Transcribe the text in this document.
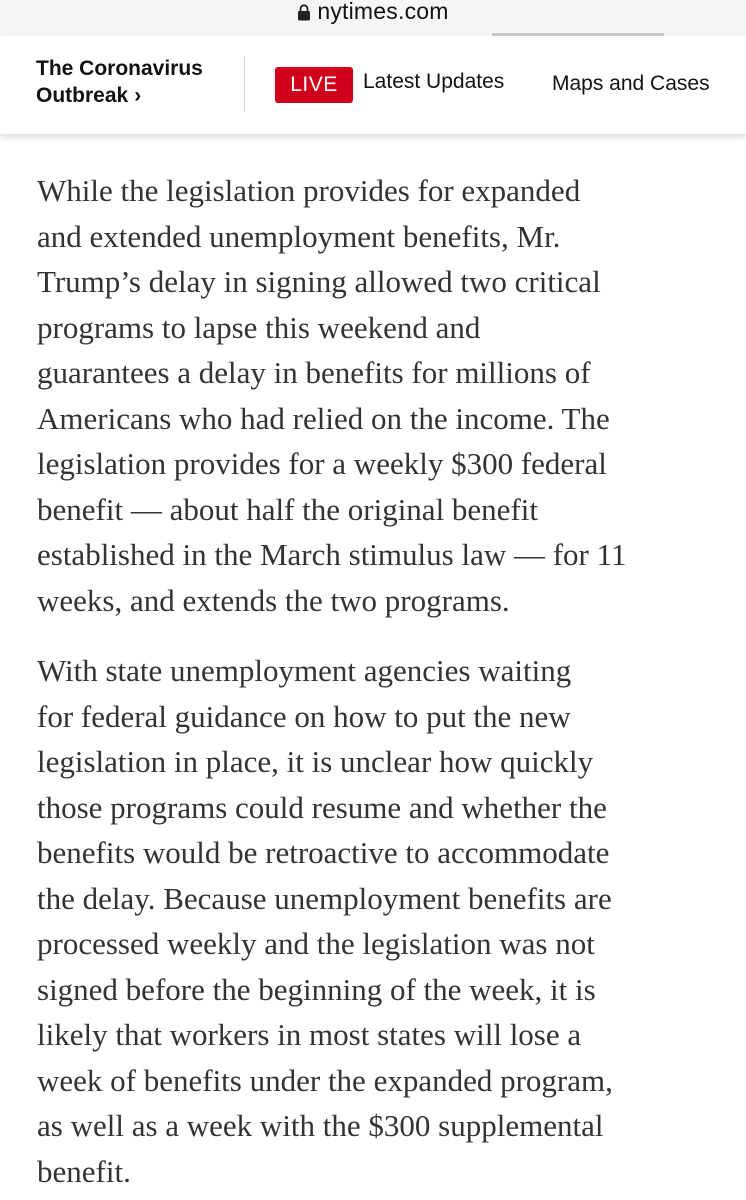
nytimes.com
The Coronavirus
Outbreak ›	LIVE	Latest Updates Maps and Cases

While the legislation provides for expanded
and extended unemployment benefits, Mr.
Trump’s delay in signing allowed two critical
programs to lapse this weekend and
guarantees a delay in benefits for millions of
Americans who had relied on the income. The
legislation provides for a weekly $300 federal
benefit — about half the original benefit
established in the March stimulus law — for 11
weeks, and extends the two programs.

With state unemployment agencies waiting
for federal guidance on how to put the new
legislation in place, it is unclear how quickly
those programs could resume and whether the
benefits would be retroactive to accommodate
the delay. Because unemployment benefits are
processed weekly and the legislation was not
signed before the beginning of the week, it is
likely that workers in most states will lose a
week of benefits under the expanded program,
as well as a week with the $300 supplemental
benefit.
